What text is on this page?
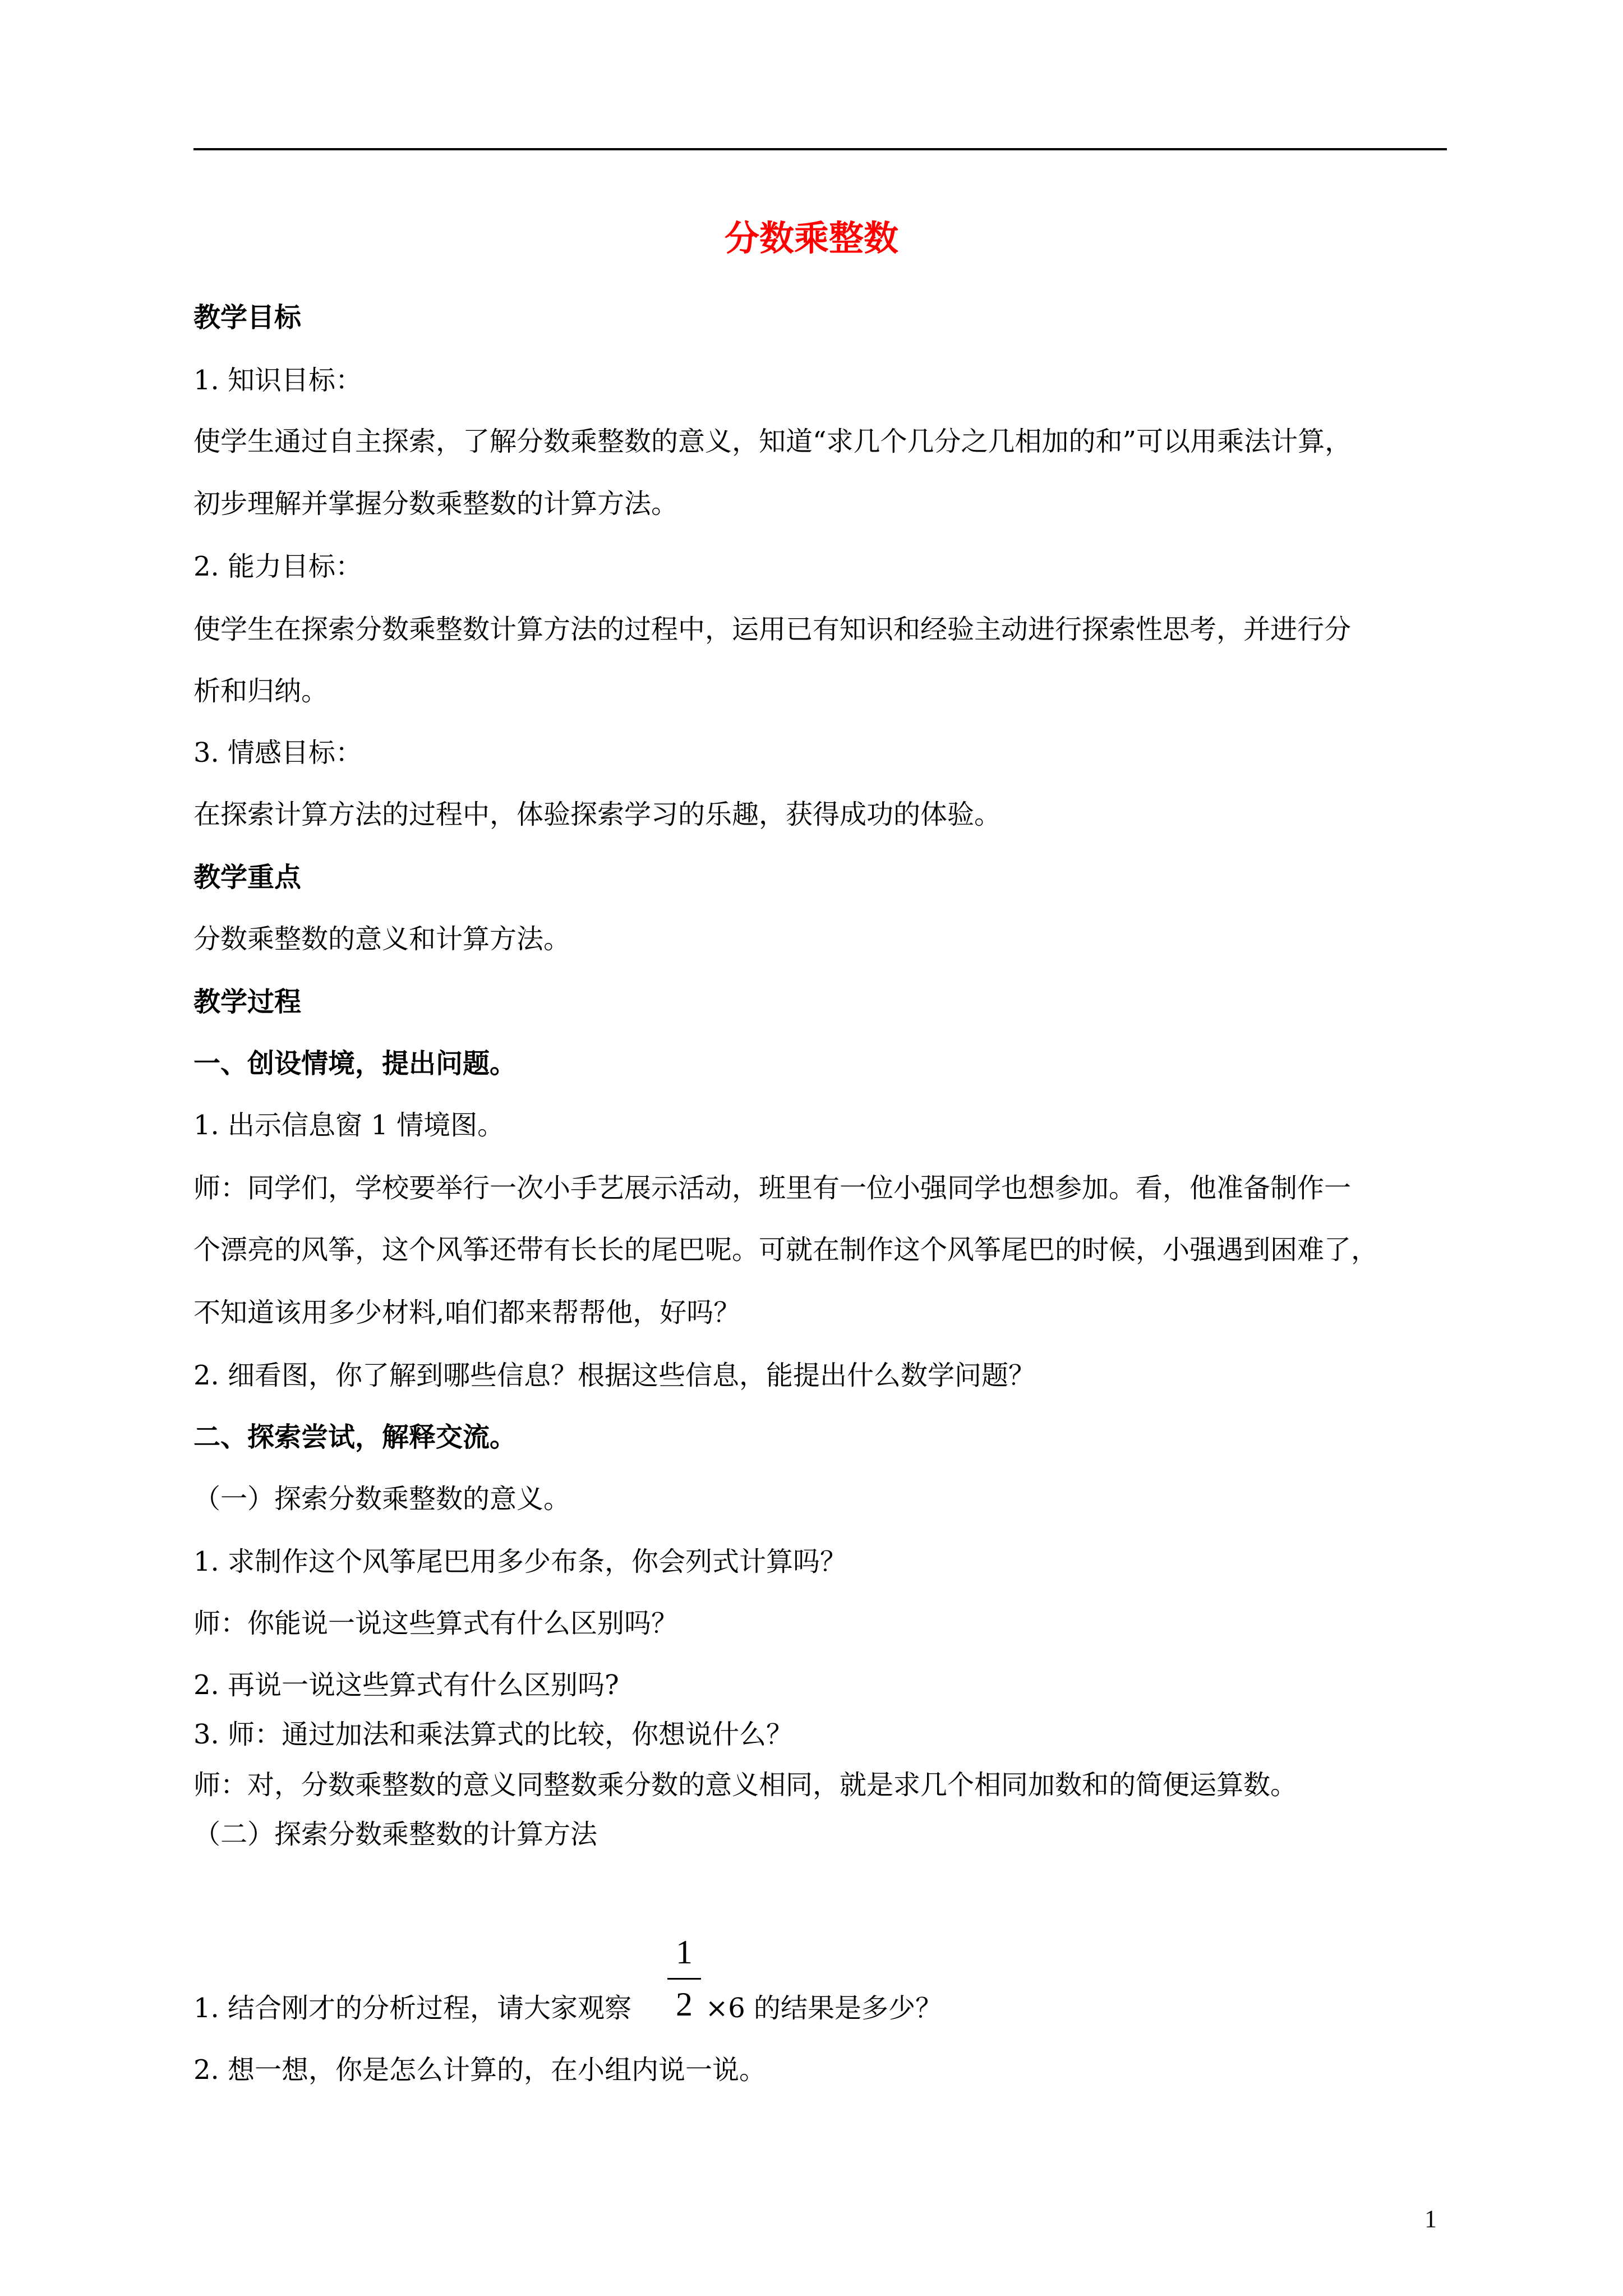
分数乘整数
教学目标
1. 知识目标：
使学生通过自主探索，了解分数乘整数的意义，知道“求几个几分之几相加的和”可以用乘法计算，
初步理解并掌握分数乘整数的计算方法。
2. 能力目标：
使学生在探索分数乘整数计算方法的过程中，运用已有知识和经验主动进行探索性思考，并进行分
析和归纳。
3. 情感目标：
在探索计算方法的过程中，体验探索学习的乐趣，获得成功的体验。
教学重点
分数乘整数的意义和计算方法。
教学过程
一、创设情境，提出问题。
1. 出示信息窗 1 情境图。
师：同学们，学校要举行一次小手艺展示活动，班里有一位小强同学也想参加。看，他准备制作一
个漂亮的风筝，这个风筝还带有长长的尾巴呢。可就在制作这个风筝尾巴的时候，小强遇到困难了，
不知道该用多少材料,咱们都来帮帮他，好吗？
2. 细看图，你了解到哪些信息？根据这些信息，能提出什么数学问题？
二、探索尝试，解释交流。
（一）探索分数乘整数的意义。
1. 求制作这个风筝尾巴用多少布条，你会列式计算吗？
师：你能说一说这些算式有什么区别吗？
2. 再说一说这些算式有什么区别吗?
3. 师：通过加法和乘法算式的比较，你想说什么？
师：对，分数乘整数的意义同整数乘分数的意义相同，就是求几个相同加数和的简便运算数。
（二）探索分数乘整数的计算方法
1. 结合刚才的分析过程，请大家观察
1
2 ×6 的结果是多少？
2. 想一想，你是怎么计算的，在小组内说一说。
1
